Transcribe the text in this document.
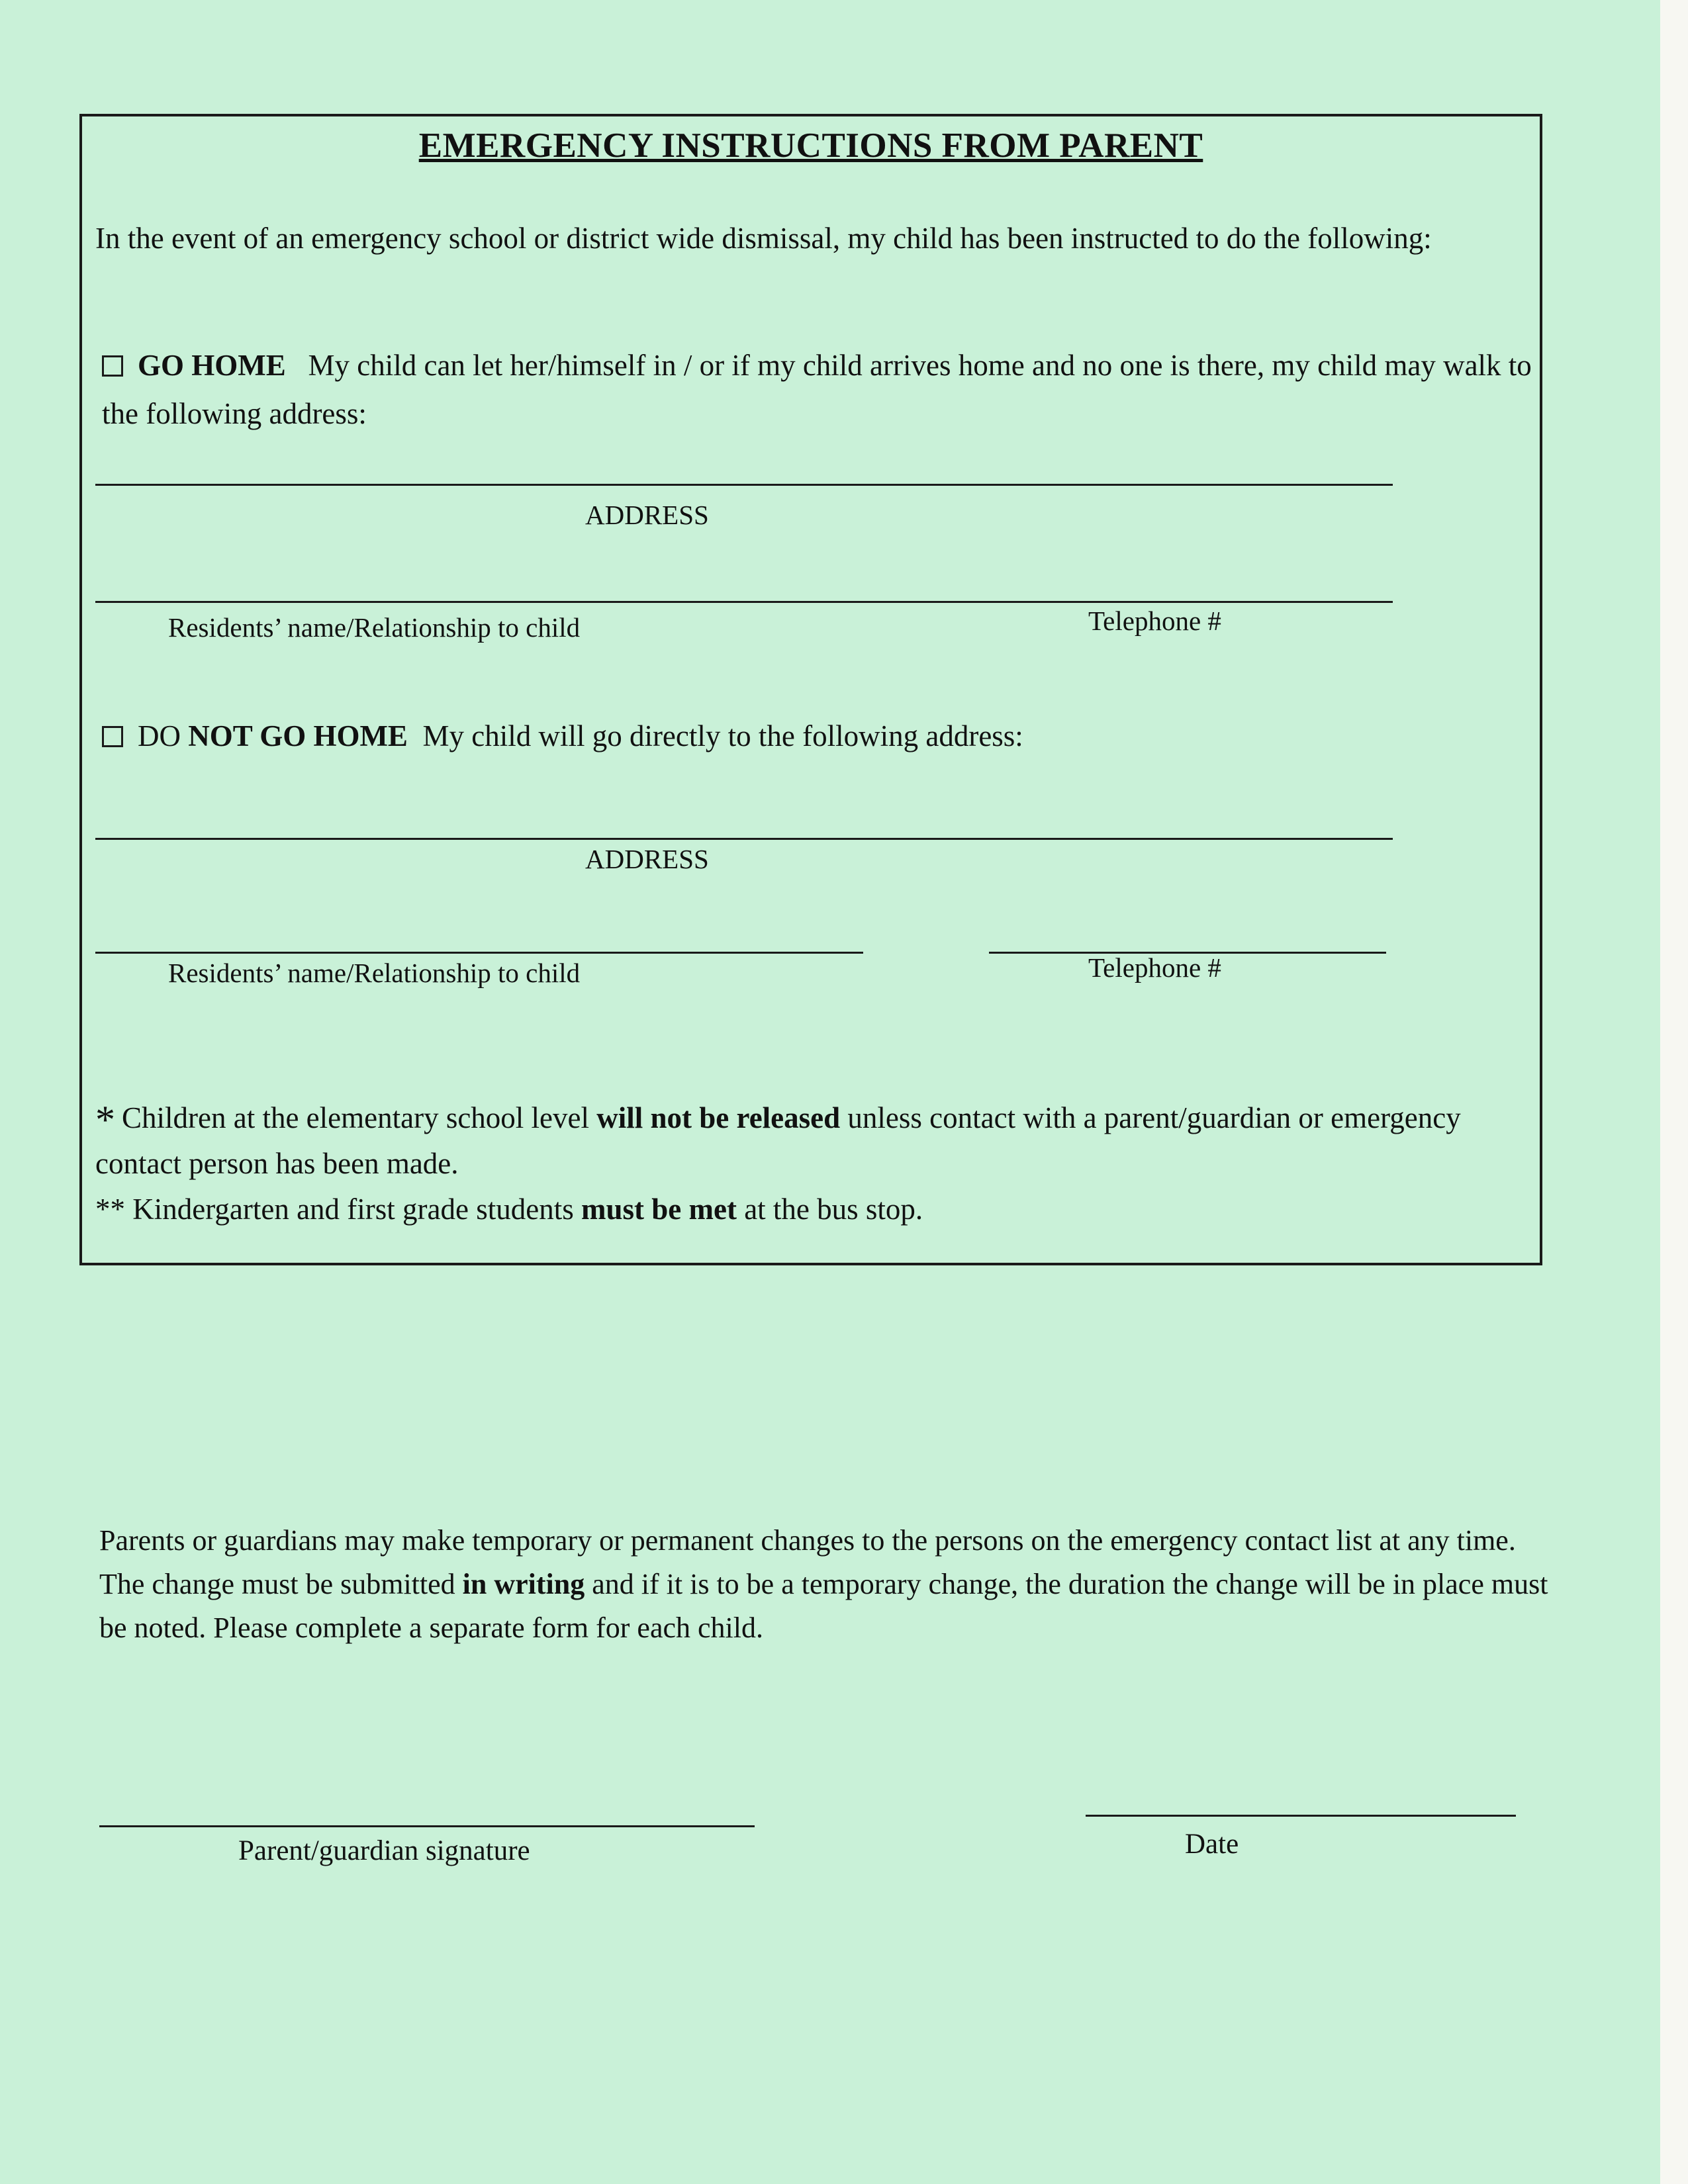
EMERGENCY INSTRUCTIONS FROM PARENT
In the event of an emergency school or district wide dismissal, my child has been instructed to do the following:
GO HOME My child can let her/himself in / or if my child arrives home and no one is there, my child may walk to the following address:
ADDRESS
Residents’ name/Relationship to child	Telephone #
DO NOT GO HOME My child will go directly to the following address:
ADDRESS
Residents’ name/Relationship to child	Telephone #
* Children at the elementary school level will not be released unless contact with a parent/guardian or emergency contact person has been made.
** Kindergarten and first grade students must be met at the bus stop.
Parents or guardians may make temporary or permanent changes to the persons on the emergency contact list at any time. The change must be submitted in writing and if it is to be a temporary change, the duration the change will be in place must be noted. Please complete a separate form for each child.
Parent/guardian signature	Date
